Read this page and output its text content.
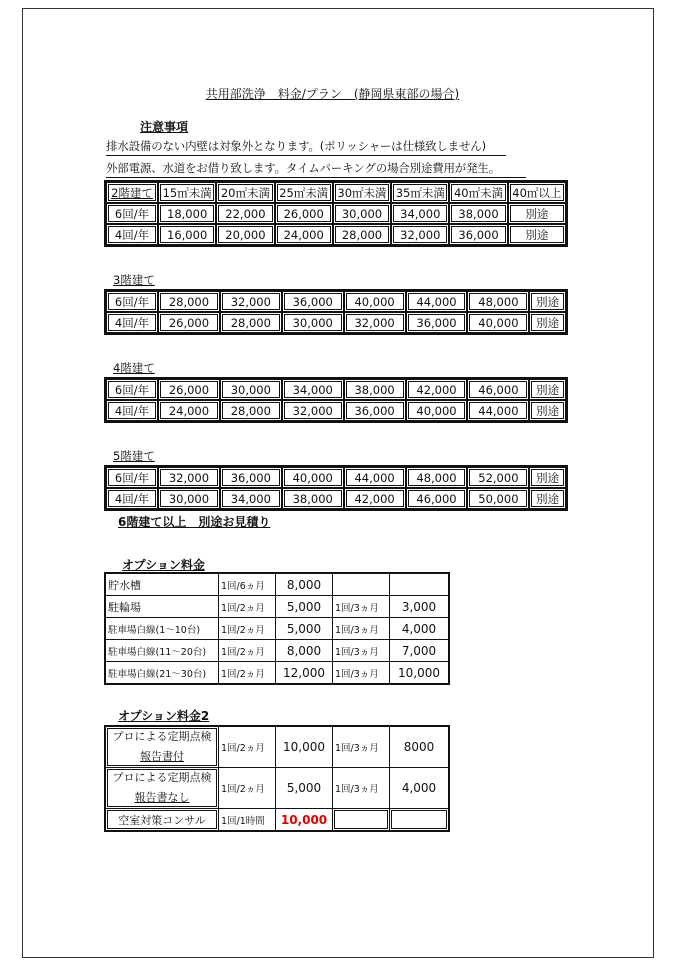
共用部洗浄　料金/プラン　(静岡県東部の場合)
注意事項
排水設備のない内壁は対象外となります。(ポリッシャーは仕様致しません)
外部電源、水道をお借り致します。タイムパーキングの場合別途費用が発生。
2階建て	15㎡未満	20㎡未満	25㎡未満	30㎡未満	35㎡未満	40㎡未満	40㎡以上
6回/年	18,000	22,000	26,000	30,000	34,000	38,000	別途
4回/年	16,000	20,000	24,000	28,000	32,000	36,000	別途
3階建て
6回/年	28,000	32,000	36,000	40,000	44,000	48,000	別途
4回/年	26,000	28,000	30,000	32,000	36,000	40,000	別途
4階建て
6回/年	26,000	30,000	34,000	38,000	42,000	46,000	別途
4回/年	24,000	28,000	32,000	36,000	40,000	44,000	別途
5階建て
6回/年	32,000	36,000	40,000	44,000	48,000	52,000	別途
4回/年	30,000	34,000	38,000	42,000	46,000	50,000	別途
6階建て以上　別途お見積り
オプション料金
貯水槽	1回/6ヵ月	8,000		
駐輪場	1回/2ヵ月	5,000	1回/3ヵ月	3,000
駐車場白線(1～10台)	1回/2ヵ月	5,000	1回/3ヵ月	4,000
駐車場白線(11～20台)	1回/2ヵ月	8,000	1回/3ヵ月	7,000
駐車場白線(21～30台)	1回/2ヵ月	12,000	1回/3ヵ月	10,000
オプション料金2
プロによる定期点検
報告書付	1回/2ヵ月	10,000	1回/3ヵ月	8000

プロによる定期点検
報告書なし	1回/2ヵ月	5,000	1回/3ヵ月	4,000
空室対策コンサル	1回/1時間	10,000		
